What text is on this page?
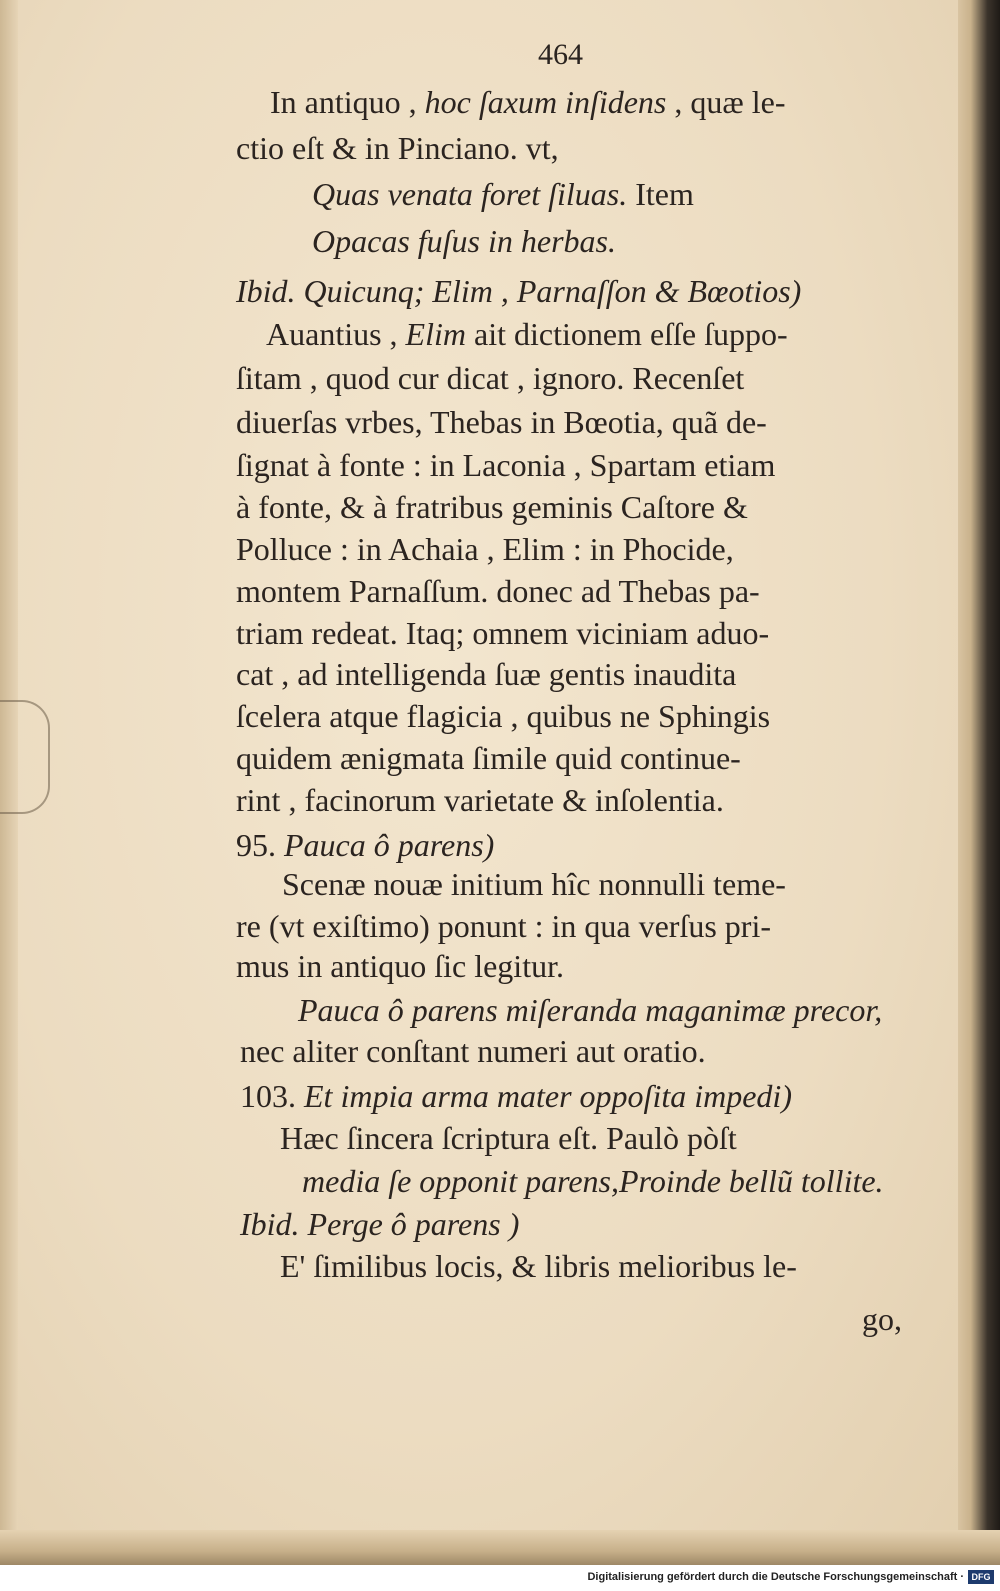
464
In antiquo , hoc ſaxum inſidens , quæ le-
ctio eſt & in Pinciano. vt,
Quas venata foret ſiluas. Item
Opacas fuſus in herbas.
Ibid. Quicunq; Elim , Parnaſſon & Bœotios)
Auantius , Elim ait dictionem eſſe ſuppo-
ſitam , quod cur dicat , ignoro. Recenſet
diuerſas vrbes, Thebas in Bœotia, quã de-
ſignat à fonte : in Laconia , Spartam etiam
à fonte, & à fratribus geminis Caſtore &
Polluce : in Achaia , Elim : in Phocide,
montem Parnaſſum. donec ad Thebas pa-
triam redeat. Itaq; omnem viciniam aduo-
cat , ad intelligenda ſuæ gentis inaudita
ſcelera atque flagicia , quibus ne Sphingis
quidem ænigmata ſimile quid continue-
rint , facinorum varietate & inſolentia.
95. Pauca ô parens)
Scenæ nouæ initium hîc nonnulli teme-
re (vt exiſtimo) ponunt : in qua verſus pri-
mus in antiquo ſic legitur.
Pauca ô parens miſeranda maganimæ precor,
nec aliter conſtant numeri aut oratio.
103. Et impia arma mater oppoſita impedi)
Hæc ſincera ſcriptura eſt. Paulò pòſt
media ſe opponit parens,Proinde bellũ tollite.
Ibid. Perge ô parens )
E' ſimilibus locis, & libris melioribus le-
go,
Digitalisierung gefördert durch die Deutsche Forschungsgemeinschaft · DFG
